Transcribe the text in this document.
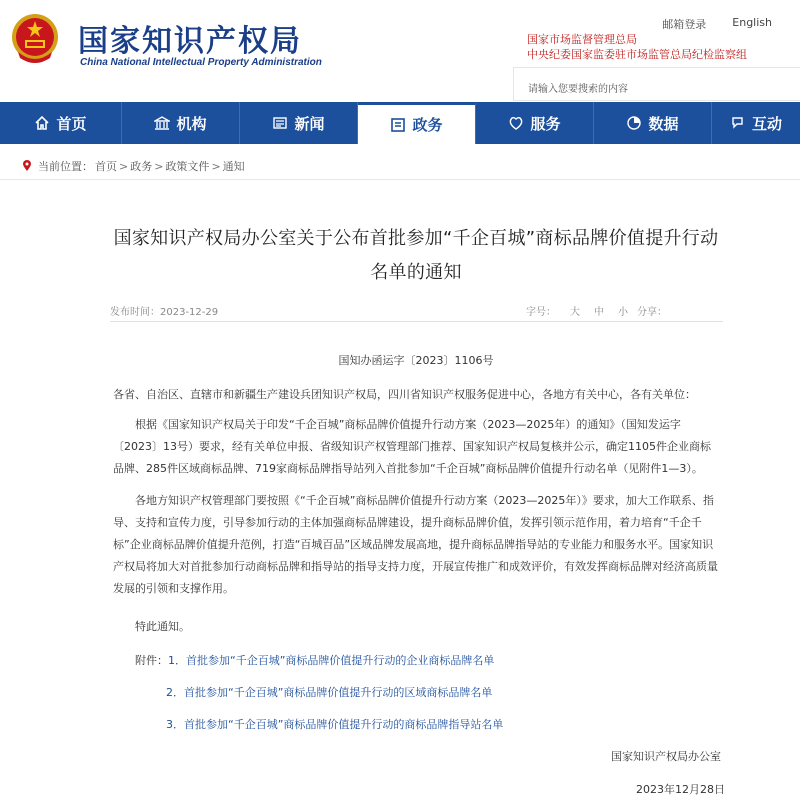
国家知识产权局
China National Intellectual Property Administration
邮箱登录 English
国家市场监督管理总局
中央纪委国家监委驻市场监管总局纪检监察组
请输入您要搜索的内容
首页	机构	新闻	政务	服务	数据	互动
当前位置： 首页 > 政务 > 政策文件 > 通知
国家知识产权局办公室关于公布首批参加“千企百城”商标品牌价值提升行动
名单的通知
发布时间：2023-12-29	字号： 大 中 小 分享：
国知办函运字〔2023〕1106号
各省、自治区、直辖市和新疆生产建设兵团知识产权局，四川省知识产权服务促进中心，各地方有关中心，各有关单位：
根据《国家知识产权局关于印发“千企百城”商标品牌价值提升行动方案（2023—2025年）的通知》（国知发运字〔2023〕13号）要求，经有关单位申报、省级知识产权管理部门推荐、国家知识产权局复核并公示，确定1105件企业商标品牌、285件区域商标品牌、719家商标品牌指导站列入首批参加“千企百城”商标品牌价值提升行动名单（见附件1—3）。
各地方知识产权管理部门要按照《“千企百城”商标品牌价值提升行动方案（2023—2025年）》要求，加大工作联系、指导、支持和宣传力度，引导参加行动的主体加强商标品牌建设，提升商标品牌价值，发挥引领示范作用，着力培育“千企千标”企业商标品牌价值提升范例，打造“百城百品”区域品牌发展高地，提升商标品牌指导站的专业能力和服务水平。国家知识产权局将加大对首批参加行动商标品牌和指导站的指导支持力度，开展宣传推广和成效评价，有效发挥商标品牌对经济高质量发展的引领和支撑作用。
特此通知。
附件：1．首批参加“千企百城”商标品牌价值提升行动的企业商标品牌名单
2．首批参加“千企百城”商标品牌价值提升行动的区域商标品牌名单
3．首批参加“千企百城”商标品牌价值提升行动的商标品牌指导站名单
国家知识产权局办公室
2023年12月28日
